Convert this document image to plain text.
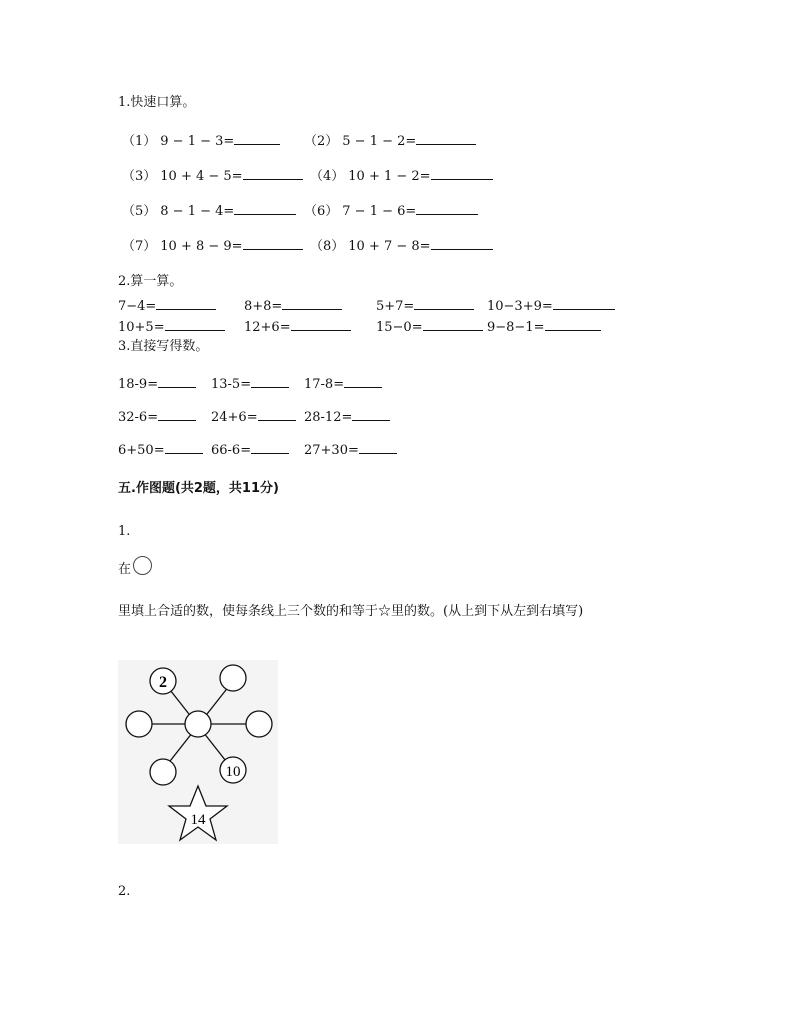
1.快速口算。
（1） 9 − 1 − 3=	（2） 5 − 1 − 2=
（3） 10 + 4 − 5=	（4） 10 + 1 − 2=
（5） 8 − 1 − 4=	（6） 7 − 1 − 6=
（7） 10 + 8 − 9=	（8） 10 + 7 − 8=
2.算一算。
7−4=	8+8=	5+7=	10−3+9=
10+5=	12+6=	15−0=	9−8−1=
3.直接写得数。
18-9=	13-5=	17-8=
32-6=	24+6=	28-12=
6+50=	66-6=	27+30=
五.作图题(共2题，共11分)
1.
在
里填上合适的数，使每条线上三个数的和等于☆里的数。(从上到下从左到右填写)
2
10
14
2.
